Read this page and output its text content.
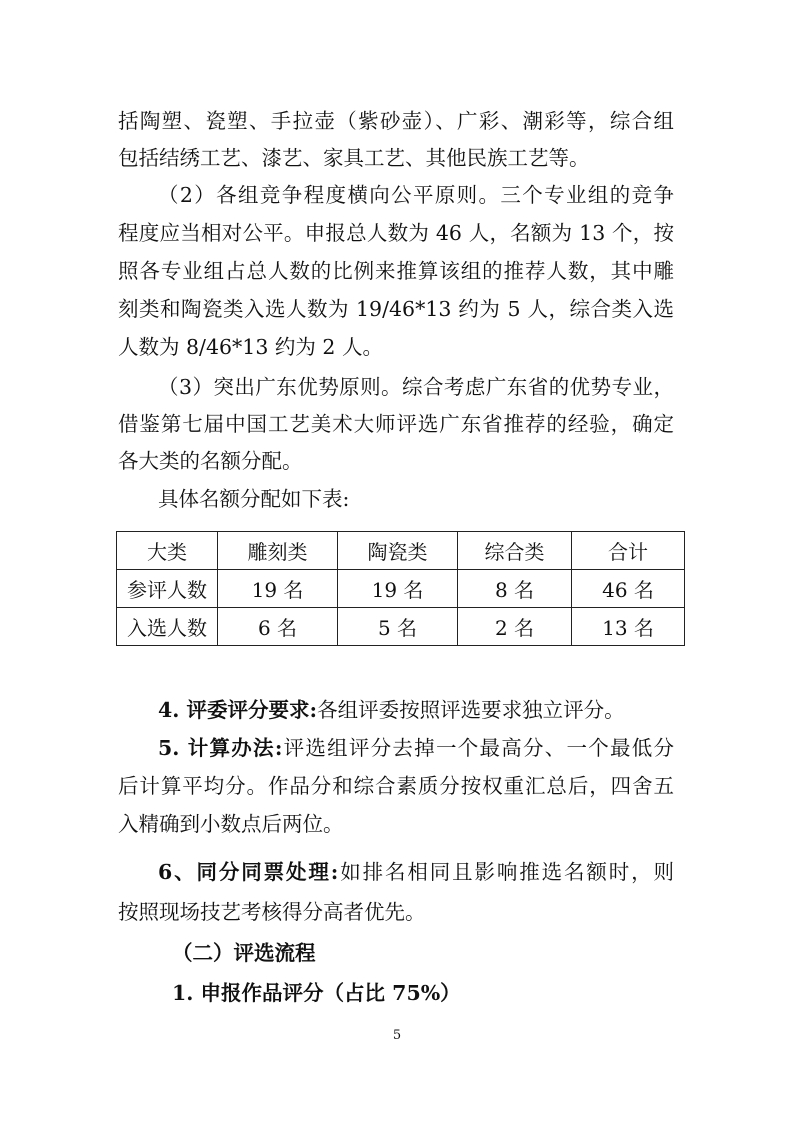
括陶塑、瓷塑、手拉壶（紫砂壶）、广彩、潮彩等，综合组
包括结绣工艺、漆艺、家具工艺、其他民族工艺等。
（2）各组竞争程度横向公平原则。三个专业组的竞争
程度应当相对公平。申报总人数为 46 人，名额为 13 个，按
照各专业组占总人数的比例来推算该组的推荐人数，其中雕
刻类和陶瓷类入选人数为 19/46*13 约为 5 人，综合类入选
人数为 8/46*13 约为 2 人。
（3）突出广东优势原则。综合考虑广东省的优势专业，
借鉴第七届中国工艺美术大师评选广东省推荐的经验，确定
各大类的名额分配。
具体名额分配如下表:
大类	雕刻类	陶瓷类	综合类	合计
参评人数	19 名	19 名	8 名	46 名
入选人数	6 名	5 名	2 名	13 名
4. 评委评分要求:各组评委按照评选要求独立评分。
5. 计算办法:评选组评分去掉一个最高分、一个最低分
后计算平均分。作品分和综合素质分按权重汇总后，四舍五
入精确到小数点后两位。
6、同分同票处理:如排名相同且影响推选名额时，则
按照现场技艺考核得分高者优先。
（二）评选流程
1. 申报作品评分（占比 75%）
5
